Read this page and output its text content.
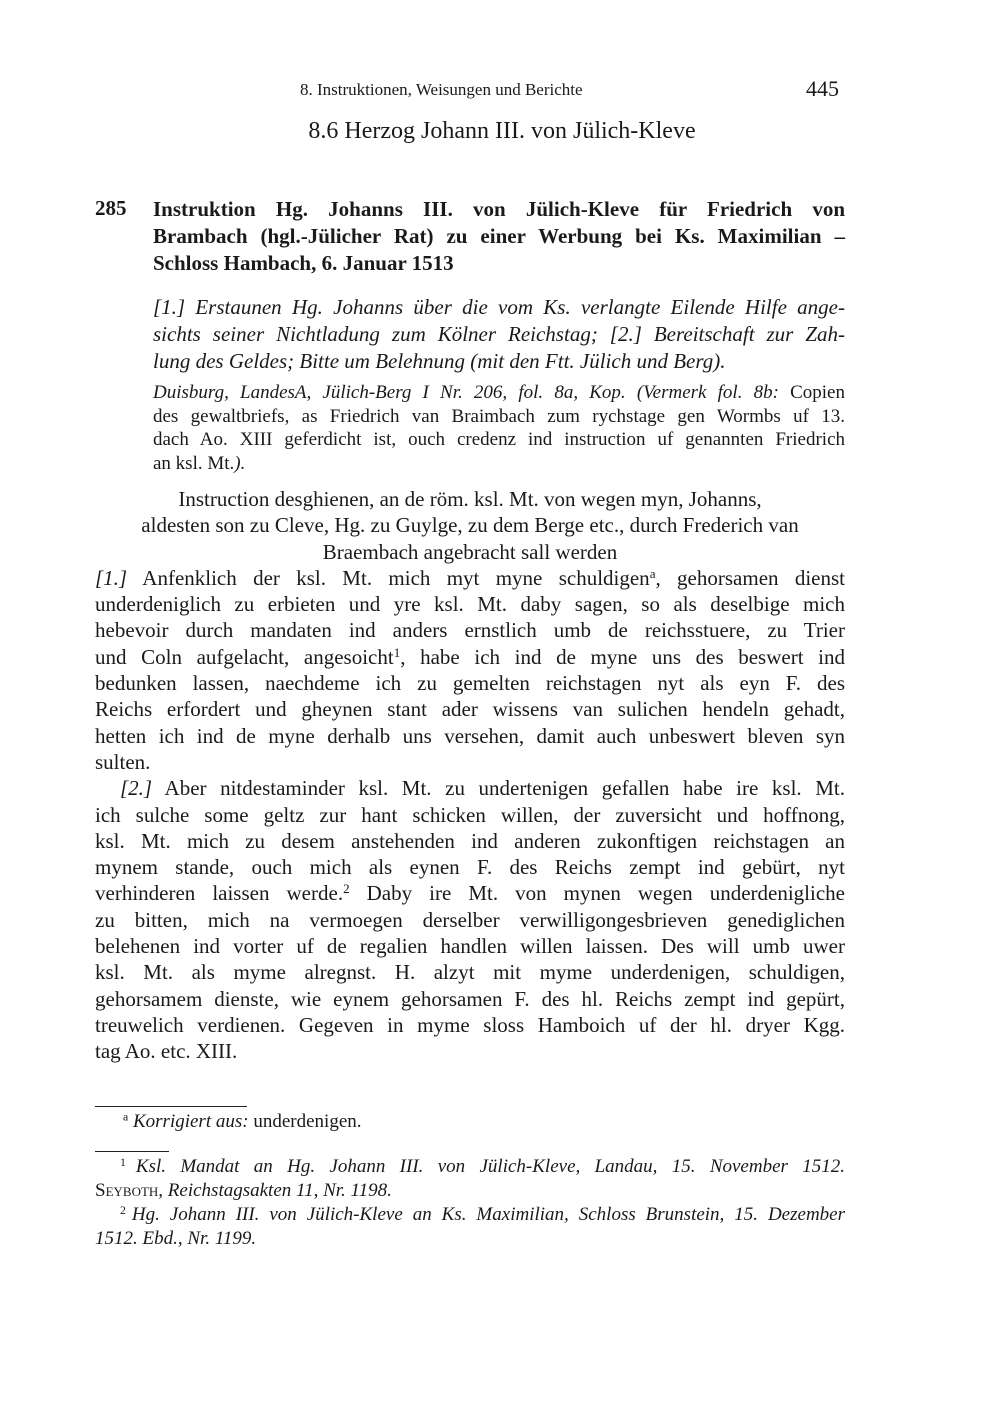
8. Instruktionen, Weisungen und Berichte	445
8.6 Herzog Johann III. von Jülich-Kleve
285 Instruktion Hg. Johanns III. von Jülich-Kleve für Friedrich von
Brambach (hgl.-Jülicher Rat) zu einer Werbung bei Ks. Maximilian –
Schloss Hambach, 6. Januar 1513
[1.] Erstaunen Hg. Johanns über die vom Ks. verlangte Eilende Hilfe ange-
sichts seiner Nichtladung zum Kölner Reichstag; [2.] Bereitschaft zur Zah-
lung des Geldes; Bitte um Belehnung (mit den Ftt. Jülich und Berg).
Duisburg, LandesA, Jülich-Berg I Nr. 206, fol. 8a, Kop. (Vermerk fol. 8b: Copien
des gewaltbriefs, as Friedrich van Braimbach zum rychstage gen Wormbs uf 13.
dach Ao. XIII geferdicht ist, ouch credenz ind instruction uf genannten Friedrich
an ksl. Mt.).
Instruction desghienen, an de röm. ksl. Mt. von wegen myn, Johanns,
aldesten son zu Cleve, Hg. zu Guylge, zu dem Berge etc., durch Frederich van
Braembach angebracht sall werden
[1.] Anfenklich der ksl. Mt. mich myt myne schuldigen$^a$, gehorsamen dienst
underdeniglich zu erbieten und yre ksl. Mt. daby sagen, so als deselbige mich
hebevoir durch mandaten ind anders ernstlich umb de reichsstuere, zu Trier
und Coln aufgelacht, angesoicht$^1$, habe ich ind de myne uns des beswert ind
bedunken lassen, naechdeme ich zu gemelten reichstagen nyt als eyn F. des
Reichs erfordert und gheynen stant ader wissens van sulichen hendeln gehadt,
hetten ich ind de myne derhalb uns versehen, damit auch unbeswert bleven syn
sulten.
[2.] Aber nitdestaminder ksl. Mt. zu undertenigen gefallen habe ire ksl. Mt.
ich sulche some geltz zur hant schicken willen, der zuversicht und hoffnong,
ksl. Mt. mich zu desem anstehenden ind anderen zukonftigen reichstagen an
mynem stande, ouch mich als eynen F. des Reichs zempt ind gebürt, nyt
verhinderen laissen werde.$^2$ Daby ire Mt. von mynen wegen underdenigliche
zu bitten, mich na vermoegen derselber verwilligongesbrieven genediglichen
belehenen ind vorter uf de regalien handlen willen laissen. Des will umb uwer
ksl. Mt. als myme alregnst. H. alzyt mit myme underdenigen, schuldigen,
gehorsamem dienste, wie eynem gehorsamen F. des hl. Reichs zempt ind gepürt,
treuwelich verdienen. Gegeven in myme sloss Hamboich uf der hl. dryer Kgg.
tag Ao. etc. XIII.
$^a$ Korrigiert aus: underdenigen.
$^1$ Ksl. Mandat an Hg. Johann III. von Jülich-Kleve, Landau, 15. November 1512.
Seyboth, Reichstagsakten 11, Nr. 1198.
$^2$ Hg. Johann III. von Jülich-Kleve an Ks. Maximilian, Schloss Brunstein, 15. Dezember
1512. Ebd., Nr. 1199.
